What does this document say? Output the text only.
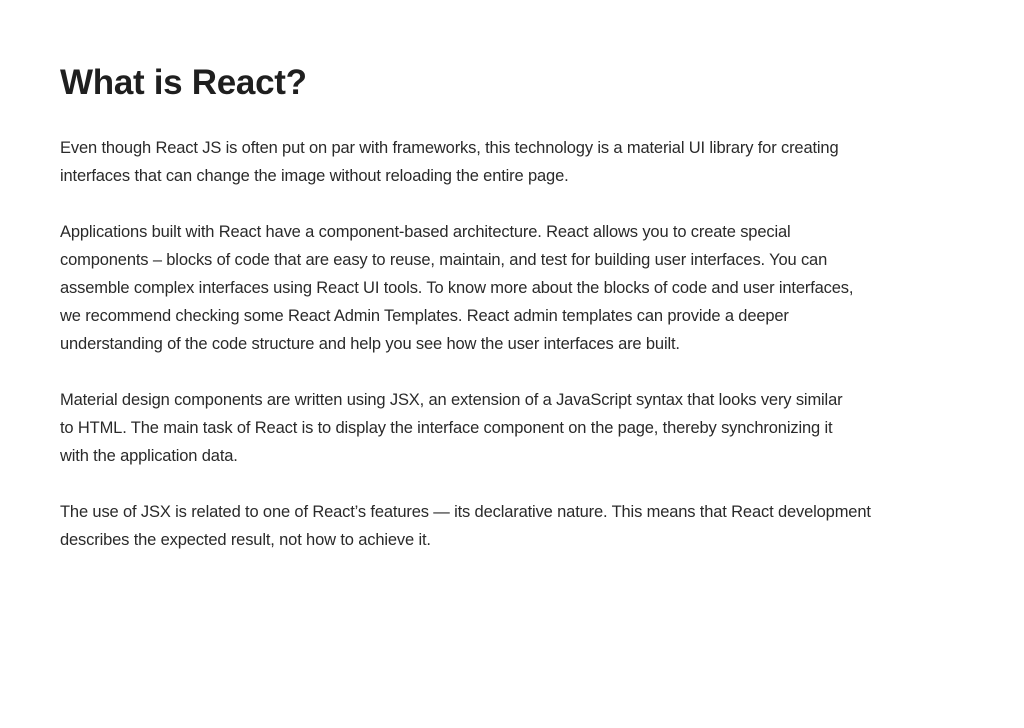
What is React?

Even though React JS is often put on par with frameworks, this technology is a material UI library for creating
interfaces that can change the image without reloading the entire page.

Applications built with React have a component-based architecture. React allows you to create special
components – blocks of code that are easy to reuse, maintain, and test for building user interfaces. You can
assemble complex interfaces using React UI tools. To know more about the blocks of code and user interfaces,
we recommend checking some React Admin Templates. React admin templates can provide a deeper
understanding of the code structure and help you see how the user interfaces are built.

Material design components are written using JSX, an extension of a JavaScript syntax that looks very similar
to HTML. The main task of React is to display the interface component on the page, thereby synchronizing it
with the application data.

The use of JSX is related to one of React’s features — its declarative nature. This means that React development
describes the expected result, not how to achieve it.
